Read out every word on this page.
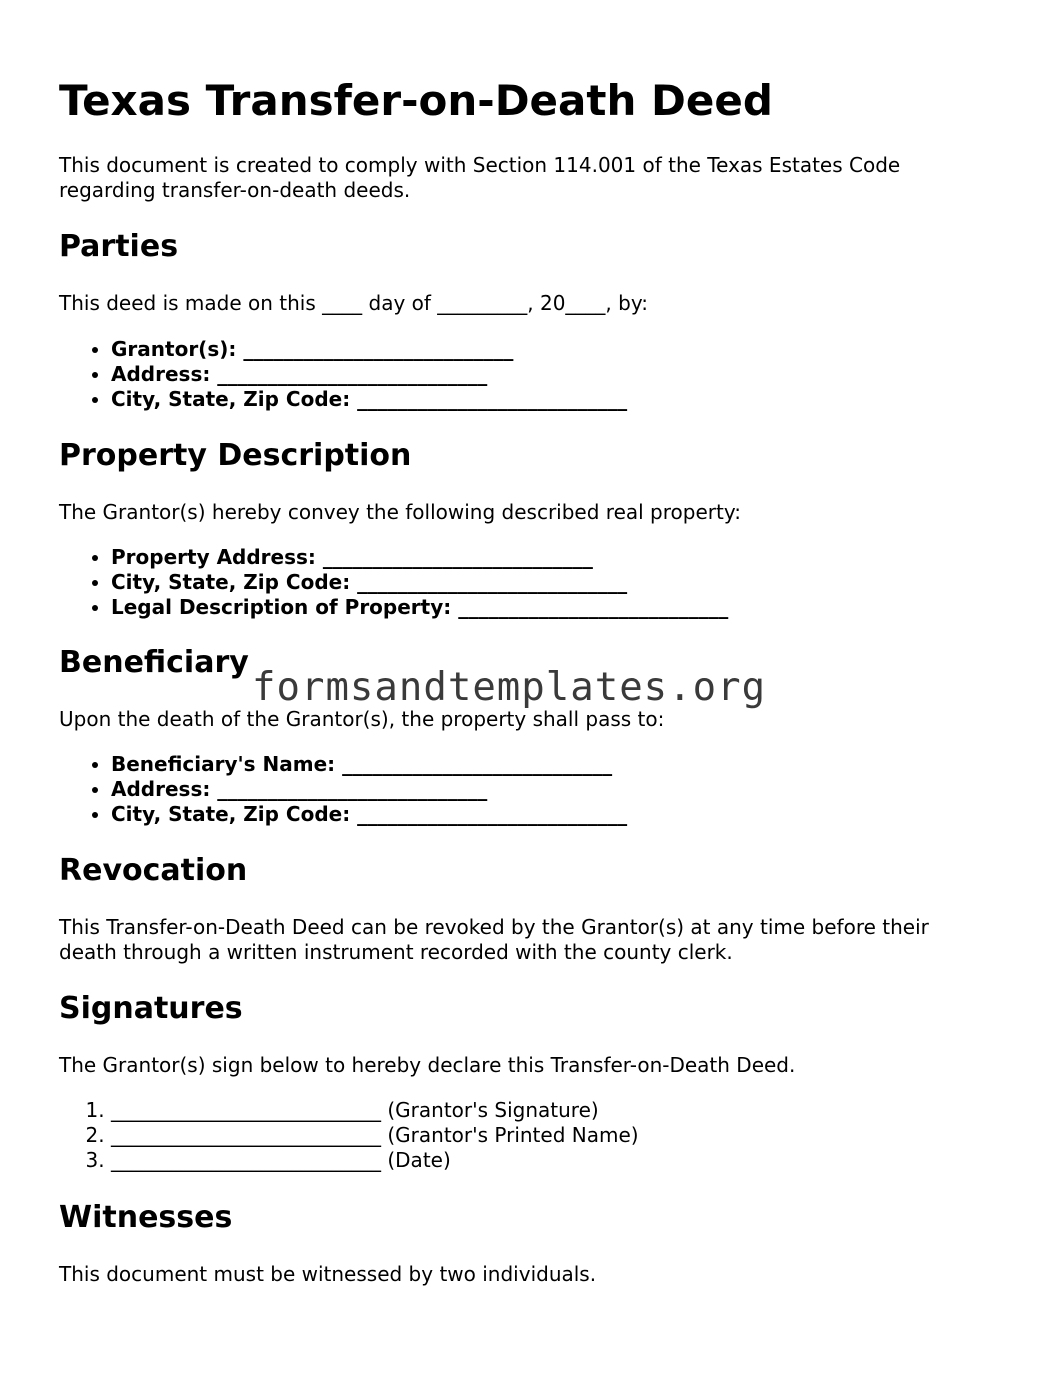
Texas Transfer-on-Death Deed

This document is created to comply with Section 114.001 of the Texas Estates Code regarding transfer-on-death deeds.

Parties

This deed is made on this ____ day of _________, 20____, by:

• Grantor(s): ___________________________
• Address: ___________________________
• City, State, Zip Code: ___________________________
Property Description

The Grantor(s) hereby convey the following described real property:

• Property Address: ___________________________
• City, State, Zip Code: ___________________________
• Legal Description of Property: ___________________________
Beneficiary

Upon the death of the Grantor(s), the property shall pass to:

• Beneficiary's Name: ___________________________
• Address: ___________________________
• City, State, Zip Code: ___________________________
Revocation

This Transfer-on-Death Deed can be revoked by the Grantor(s) at any time before their death through a written instrument recorded with the county clerk.

Signatures

The Grantor(s) sign below to hereby declare this Transfer-on-Death Deed.

1. ___________________________ (Grantor's Signature)
2. ___________________________ (Grantor's Printed Name)
3. ___________________________ (Date)
Witnesses

This document must be witnessed by two individuals.

formsandtemplates.org
